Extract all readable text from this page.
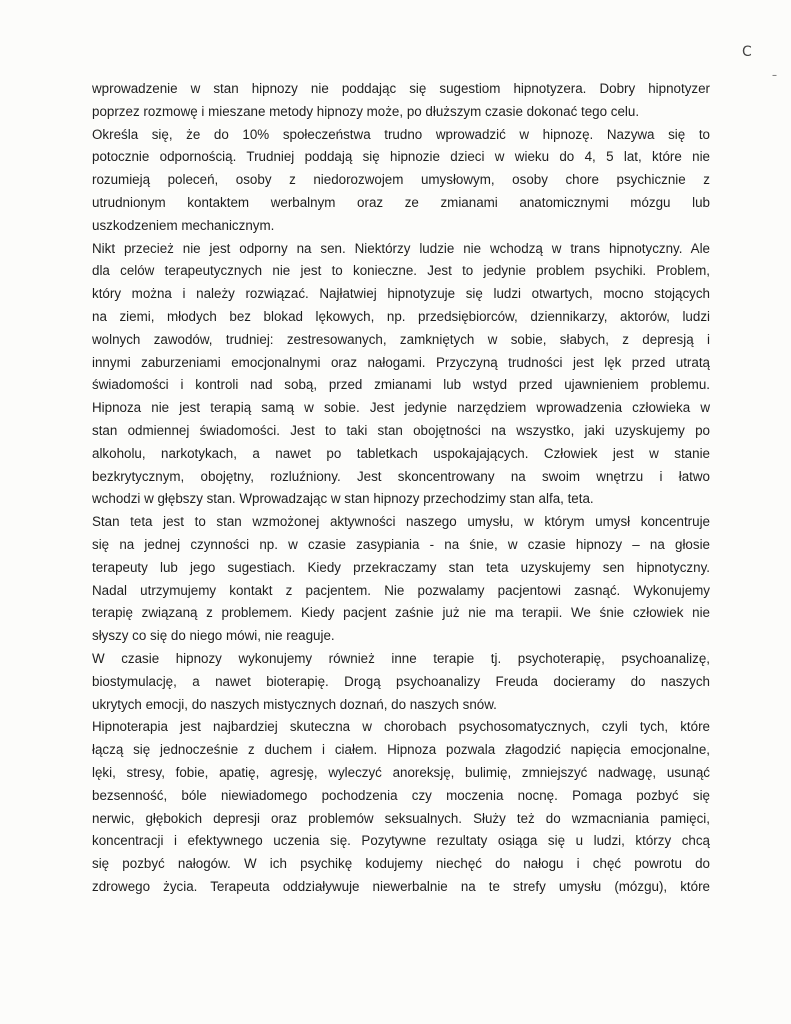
С
–
wprowadzenie w stan hipnozy nie poddając się sugestiom hipnotyzera. Dobry hipnotyzer
poprzez rozmowę i mieszane metody hipnozy może, po dłuższym czasie dokonać tego celu.
Określa się, że do 10% społeczeństwa trudno wprowadzić w hipnozę. Nazywa się to
potocznie odpornością. Trudniej poddają się hipnozie dzieci w wieku do 4, 5 lat, które nie
rozumieją poleceń, osoby z niedorozwojem umysłowym, osoby chore psychicznie z
utrudnionym kontaktem werbalnym oraz ze zmianami anatomicznymi mózgu lub
uszkodzeniem mechanicznym.
Nikt przecież nie jest odporny na sen. Niektórzy ludzie nie wchodzą w trans hipnotyczny. Ale
dla celów terapeutycznych nie jest to konieczne. Jest to jedynie problem psychiki. Problem,
który można i należy rozwiązać. Najłatwiej hipnotyzuje się ludzi otwartych, mocno stojących
na ziemi, młodych bez blokad lękowych, np. przedsiębiorców, dziennikarzy, aktorów, ludzi
wolnych zawodów, trudniej: zestresowanych, zamkniętych w sobie, słabych, z depresją i
innymi zaburzeniami emocjonalnymi oraz nałogami. Przyczyną trudności jest lęk przed utratą
świadomości i kontroli nad sobą, przed zmianami lub wstyd przed ujawnieniem problemu.
Hipnoza nie jest terapią samą w sobie. Jest jedynie narzędziem wprowadzenia człowieka w
stan odmiennej świadomości. Jest to taki stan obojętności na wszystko, jaki uzyskujemy po
alkoholu, narkotykach, a nawet po tabletkach uspokajających. Człowiek jest w stanie
bezkrytycznym, obojętny, rozluźniony. Jest skoncentrowany na swoim wnętrzu i łatwo
wchodzi w głębszy stan. Wprowadzając w stan hipnozy przechodzimy stan alfa, teta.
Stan teta jest to stan wzmożonej aktywności naszego umysłu, w którym umysł koncentruje
się na jednej czynności np. w czasie zasypiania - na śnie, w czasie hipnozy – na głosie
terapeuty lub jego sugestiach. Kiedy przekraczamy stan teta uzyskujemy sen hipnotyczny.
Nadal utrzymujemy kontakt z pacjentem. Nie pozwalamy pacjentowi zasnąć. Wykonujemy
terapię związaną z problemem. Kiedy pacjent zaśnie już nie ma terapii. We śnie człowiek nie
słyszy co się do niego mówi, nie reaguje.
W czasie hipnozy wykonujemy również inne terapie tj. psychoterapię, psychoanalizę,
biostymulację, a nawet bioterapię. Drogą psychoanalizy Freuda docieramy do naszych
ukrytych emocji, do naszych mistycznych doznań, do naszych snów.
Hipnoterapia jest najbardziej skuteczna w chorobach psychosomatycznych, czyli tych, które
łączą się jednocześnie z duchem i ciałem. Hipnoza pozwala złagodzić napięcia emocjonalne,
lęki, stresy, fobie, apatię, agresję, wyleczyć anoreksję, bulimię, zmniejszyć nadwagę, usunąć
bezsenność, bóle niewiadomego pochodzenia czy moczenia nocnę. Pomaga pozbyć się
nerwic, głębokich depresji oraz problemów seksualnych. Służy też do wzmacniania pamięci,
koncentracji i efektywnego uczenia się. Pozytywne rezultaty osiąga się u ludzi, którzy chcą
się pozbyć nałogów. W ich psychikę kodujemy niechęć do nałogu i chęć powrotu do
zdrowego życia. Terapeuta oddziaływuje niewerbalnie na te strefy umysłu (mózgu), które
